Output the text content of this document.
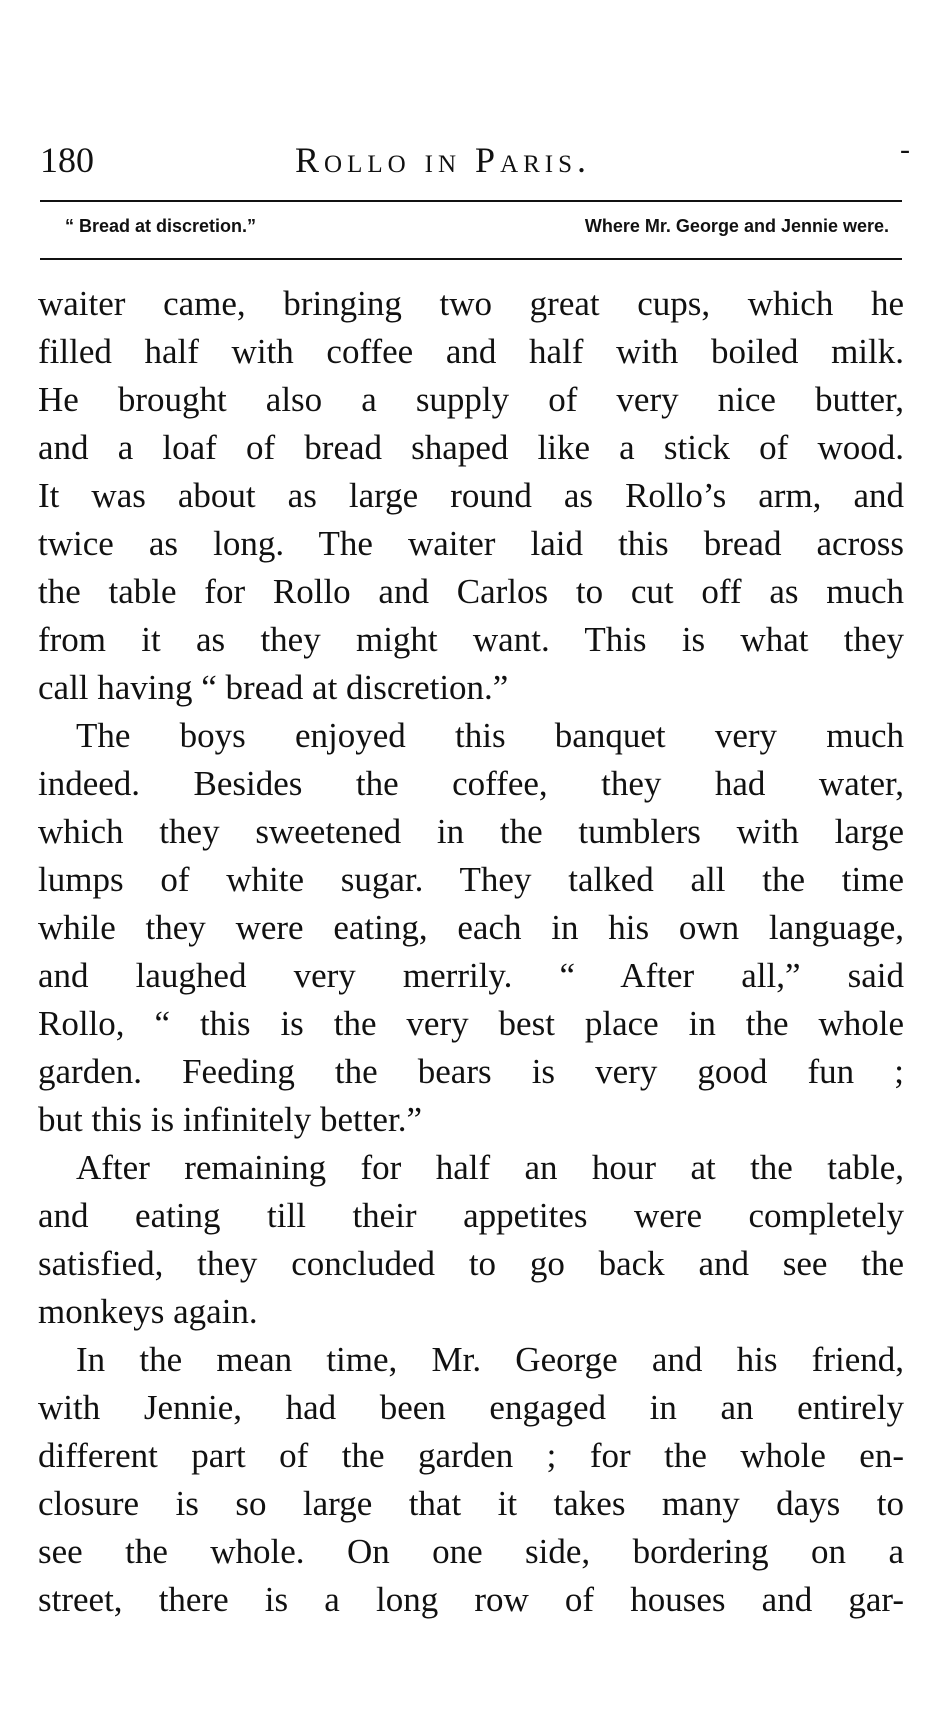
180	Rollo in Paris.	-
“ Bread at discretion.”	Where Mr. George and Jennie were.
waiter came, bringing two great cups, which he
filled half with coffee and half with boiled milk.
He brought also a supply of very nice butter,
and a loaf of bread shaped like a stick of wood.
It was about as large round as Rollo’s arm, and
twice as long. The waiter laid this bread across
the table for Rollo and Carlos to cut off as much
from it as they might want. This is what they
call having “ bread at discretion.”
The boys enjoyed this banquet very much
indeed. Besides the coffee, they had water,
which they sweetened in the tumblers with large
lumps of white sugar. They talked all the time
while they were eating, each in his own language,
and laughed very merrily. “ After all,” said
Rollo, “ this is the very best place in the whole
garden. Feeding the bears is very good fun ;
but this is infinitely better.”
After remaining for half an hour at the table,
and eating till their appetites were completely
satisfied, they concluded to go back and see the
monkeys again.
In the mean time, Mr. George and his friend,
with Jennie, had been engaged in an entirely
different part of the garden ; for the whole en-
closure is so large that it takes many days to
see the whole. On one side, bordering on a
street, there is a long row of houses and gar-
